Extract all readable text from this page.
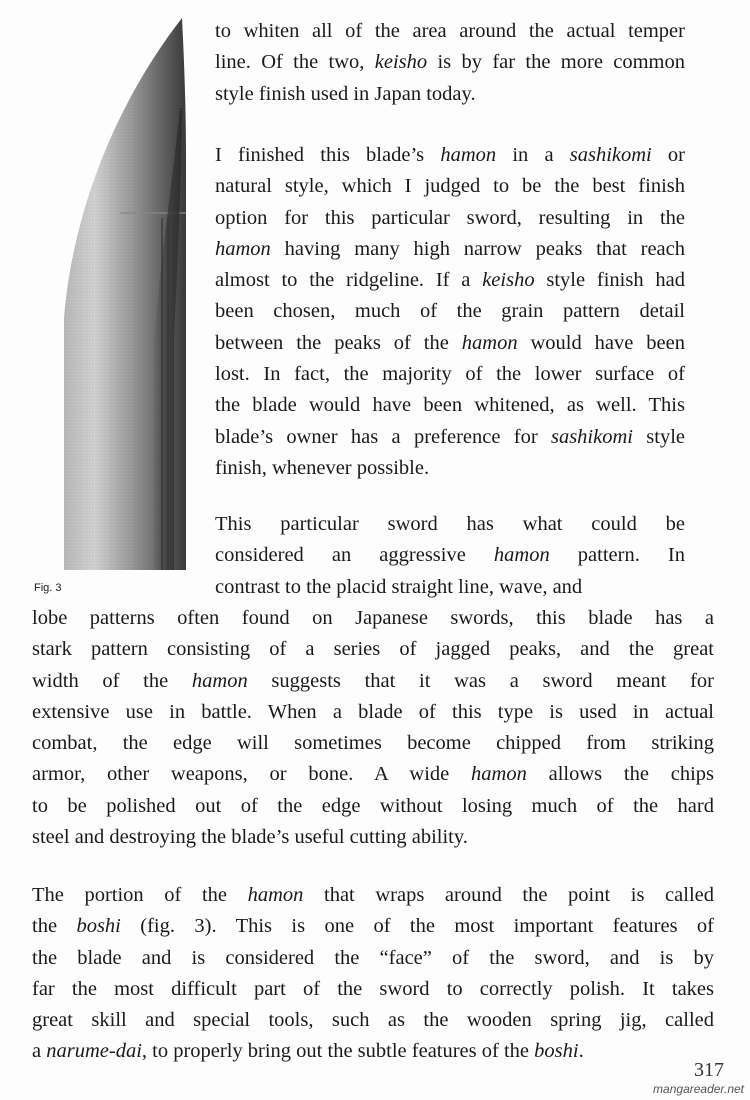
Fig. 3
to whiten all of the area around the actual temper
line. Of the two, keisho is by far the more common
style finish used in Japan today.
I finished this blade’s hamon in a sashikomi or
natural style, which I judged to be the best finish
option for this particular sword, resulting in the
hamon having many high narrow peaks that reach
almost to the ridgeline. If a keisho style finish had
been chosen, much of the grain pattern detail
between the peaks of the hamon would have been
lost. In fact, the majority of the lower surface of
the blade would have been whitened, as well. This
blade’s owner has a preference for sashikomi style
finish, whenever possible.
This particular sword has what could be
considered an aggressive hamon pattern. In
contrast to the placid straight line, wave, and
lobe patterns often found on Japanese swords, this blade has a
stark pattern consisting of a series of jagged peaks, and the great
width of the hamon suggests that it was a sword meant for
extensive use in battle. When a blade of this type is used in actual
combat, the edge will sometimes become chipped from striking
armor, other weapons, or bone. A wide hamon allows the chips
to be polished out of the edge without losing much of the hard
steel and destroying the blade’s useful cutting ability.
The portion of the hamon that wraps around the point is called
the boshi (fig. 3). This is one of the most important features of
the blade and is considered the “face” of the sword, and is by
far the most difficult part of the sword to correctly polish. It takes
great skill and special tools, such as the wooden spring jig, called
a narume-dai, to properly bring out the subtle features of the boshi.
317
mangareader.net
